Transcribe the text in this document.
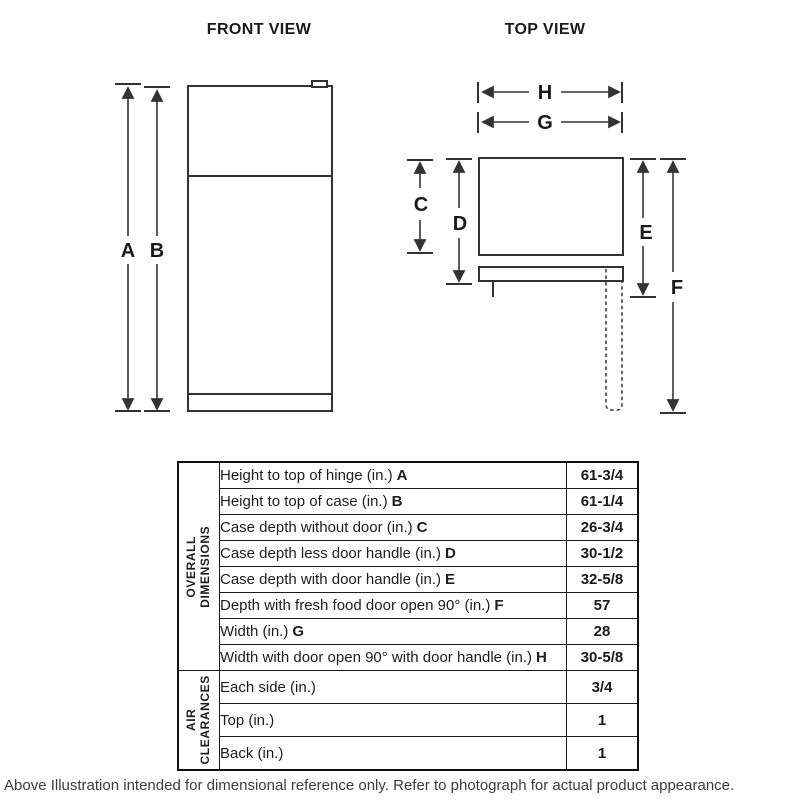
FRONT VIEW	TOP VIEW
A B
H
G
C
D	E
F
OVERALL DIMENSIONS	Height to top of hinge (in.) A	61-3/4
	Height to top of case (in.) B	61-1/4
	Case depth without door (in.) C	26-3/4
	Case depth less door handle (in.) D	30-1/2
	Case depth with door handle (in.) E	32-5/8
	Depth with fresh food door open 90° (in.) F	57
	Width (in.) G	28
	Width with door open 90° with door handle (in.) H	30-5/8

AIR CLEARANCES	Each side (in.)	3/4
	Top (in.)	1
	Back (in.)	1
Above Illustration intended for dimensional reference only. Refer to photograph for actual product appearance.
